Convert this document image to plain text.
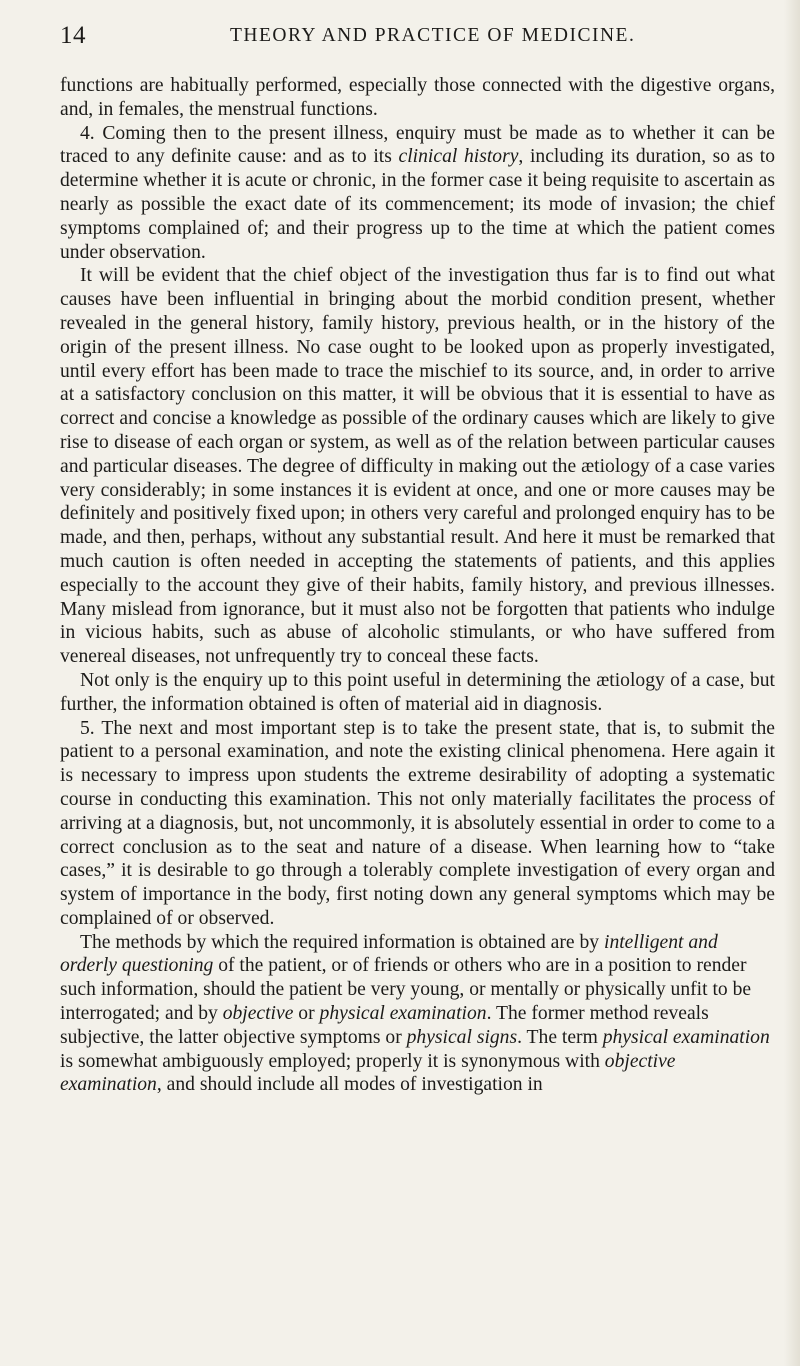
14	THEORY AND PRACTICE OF MEDICINE.

functions are habitually performed, especially those connected with the digestive organs, and, in females, the menstrual functions.

4. Coming then to the present illness, enquiry must be made as to whether it can be traced to any definite cause: and as to its clinical history, including its duration, so as to determine whether it is acute or chronic, in the former case it being requisite to ascertain as nearly as possible the exact date of its commencement; its mode of invasion; the chief symptoms complained of; and their progress up to the time at which the patient comes under observation.

It will be evident that the chief object of the investigation thus far is to find out what causes have been influential in bringing about the morbid condition present, whether revealed in the general history, family history, previous health, or in the history of the origin of the present illness. No case ought to be looked upon as properly investigated, until every effort has been made to trace the mischief to its source, and, in order to arrive at a satisfactory conclusion on this matter, it will be obvious that it is essential to have as correct and concise a knowledge as possible of the ordinary causes which are likely to give rise to disease of each organ or system, as well as of the relation between particular causes and particular diseases. The degree of difficulty in making out the ætiology of a case varies very considerably; in some instances it is evident at once, and one or more causes may be definitely and positively fixed upon; in others very careful and prolonged enquiry has to be made, and then, perhaps, without any substantial result. And here it must be remarked that much caution is often needed in accepting the statements of patients, and this applies especially to the account they give of their habits, family history, and previous illnesses. Many mislead from ignorance, but it must also not be forgotten that patients who indulge in vicious habits, such as abuse of alcoholic stimulants, or who have suffered from venereal diseases, not unfrequently try to conceal these facts.

Not only is the enquiry up to this point useful in determining the ætiology of a case, but further, the information obtained is often of material aid in diagnosis.

5. The next and most important step is to take the present state, that is, to submit the patient to a personal examination, and note the existing clinical phenomena. Here again it is necessary to impress upon students the extreme desirability of adopting a systematic course in conducting this examination. This not only materially facilitates the process of arriving at a diagnosis, but, not uncommonly, it is absolutely essential in order to come to a correct conclusion as to the seat and nature of a disease. When learning how to “take cases,” it is desirable to go through a tolerably complete investigation of every organ and system of importance in the body, first noting down any general symptoms which may be complained of or observed.

The methods by which the required information is obtained are by intelligent and orderly questioning of the patient, or of friends or others who are in a position to render such information, should the patient be very young, or mentally or physically unfit to be interrogated; and by objective or physical examination. The former method reveals subjective, the latter objective symptoms or physical signs. The term physical examination is somewhat ambiguously employed; properly it is synonymous with objective examination, and should include all modes of investigation in
